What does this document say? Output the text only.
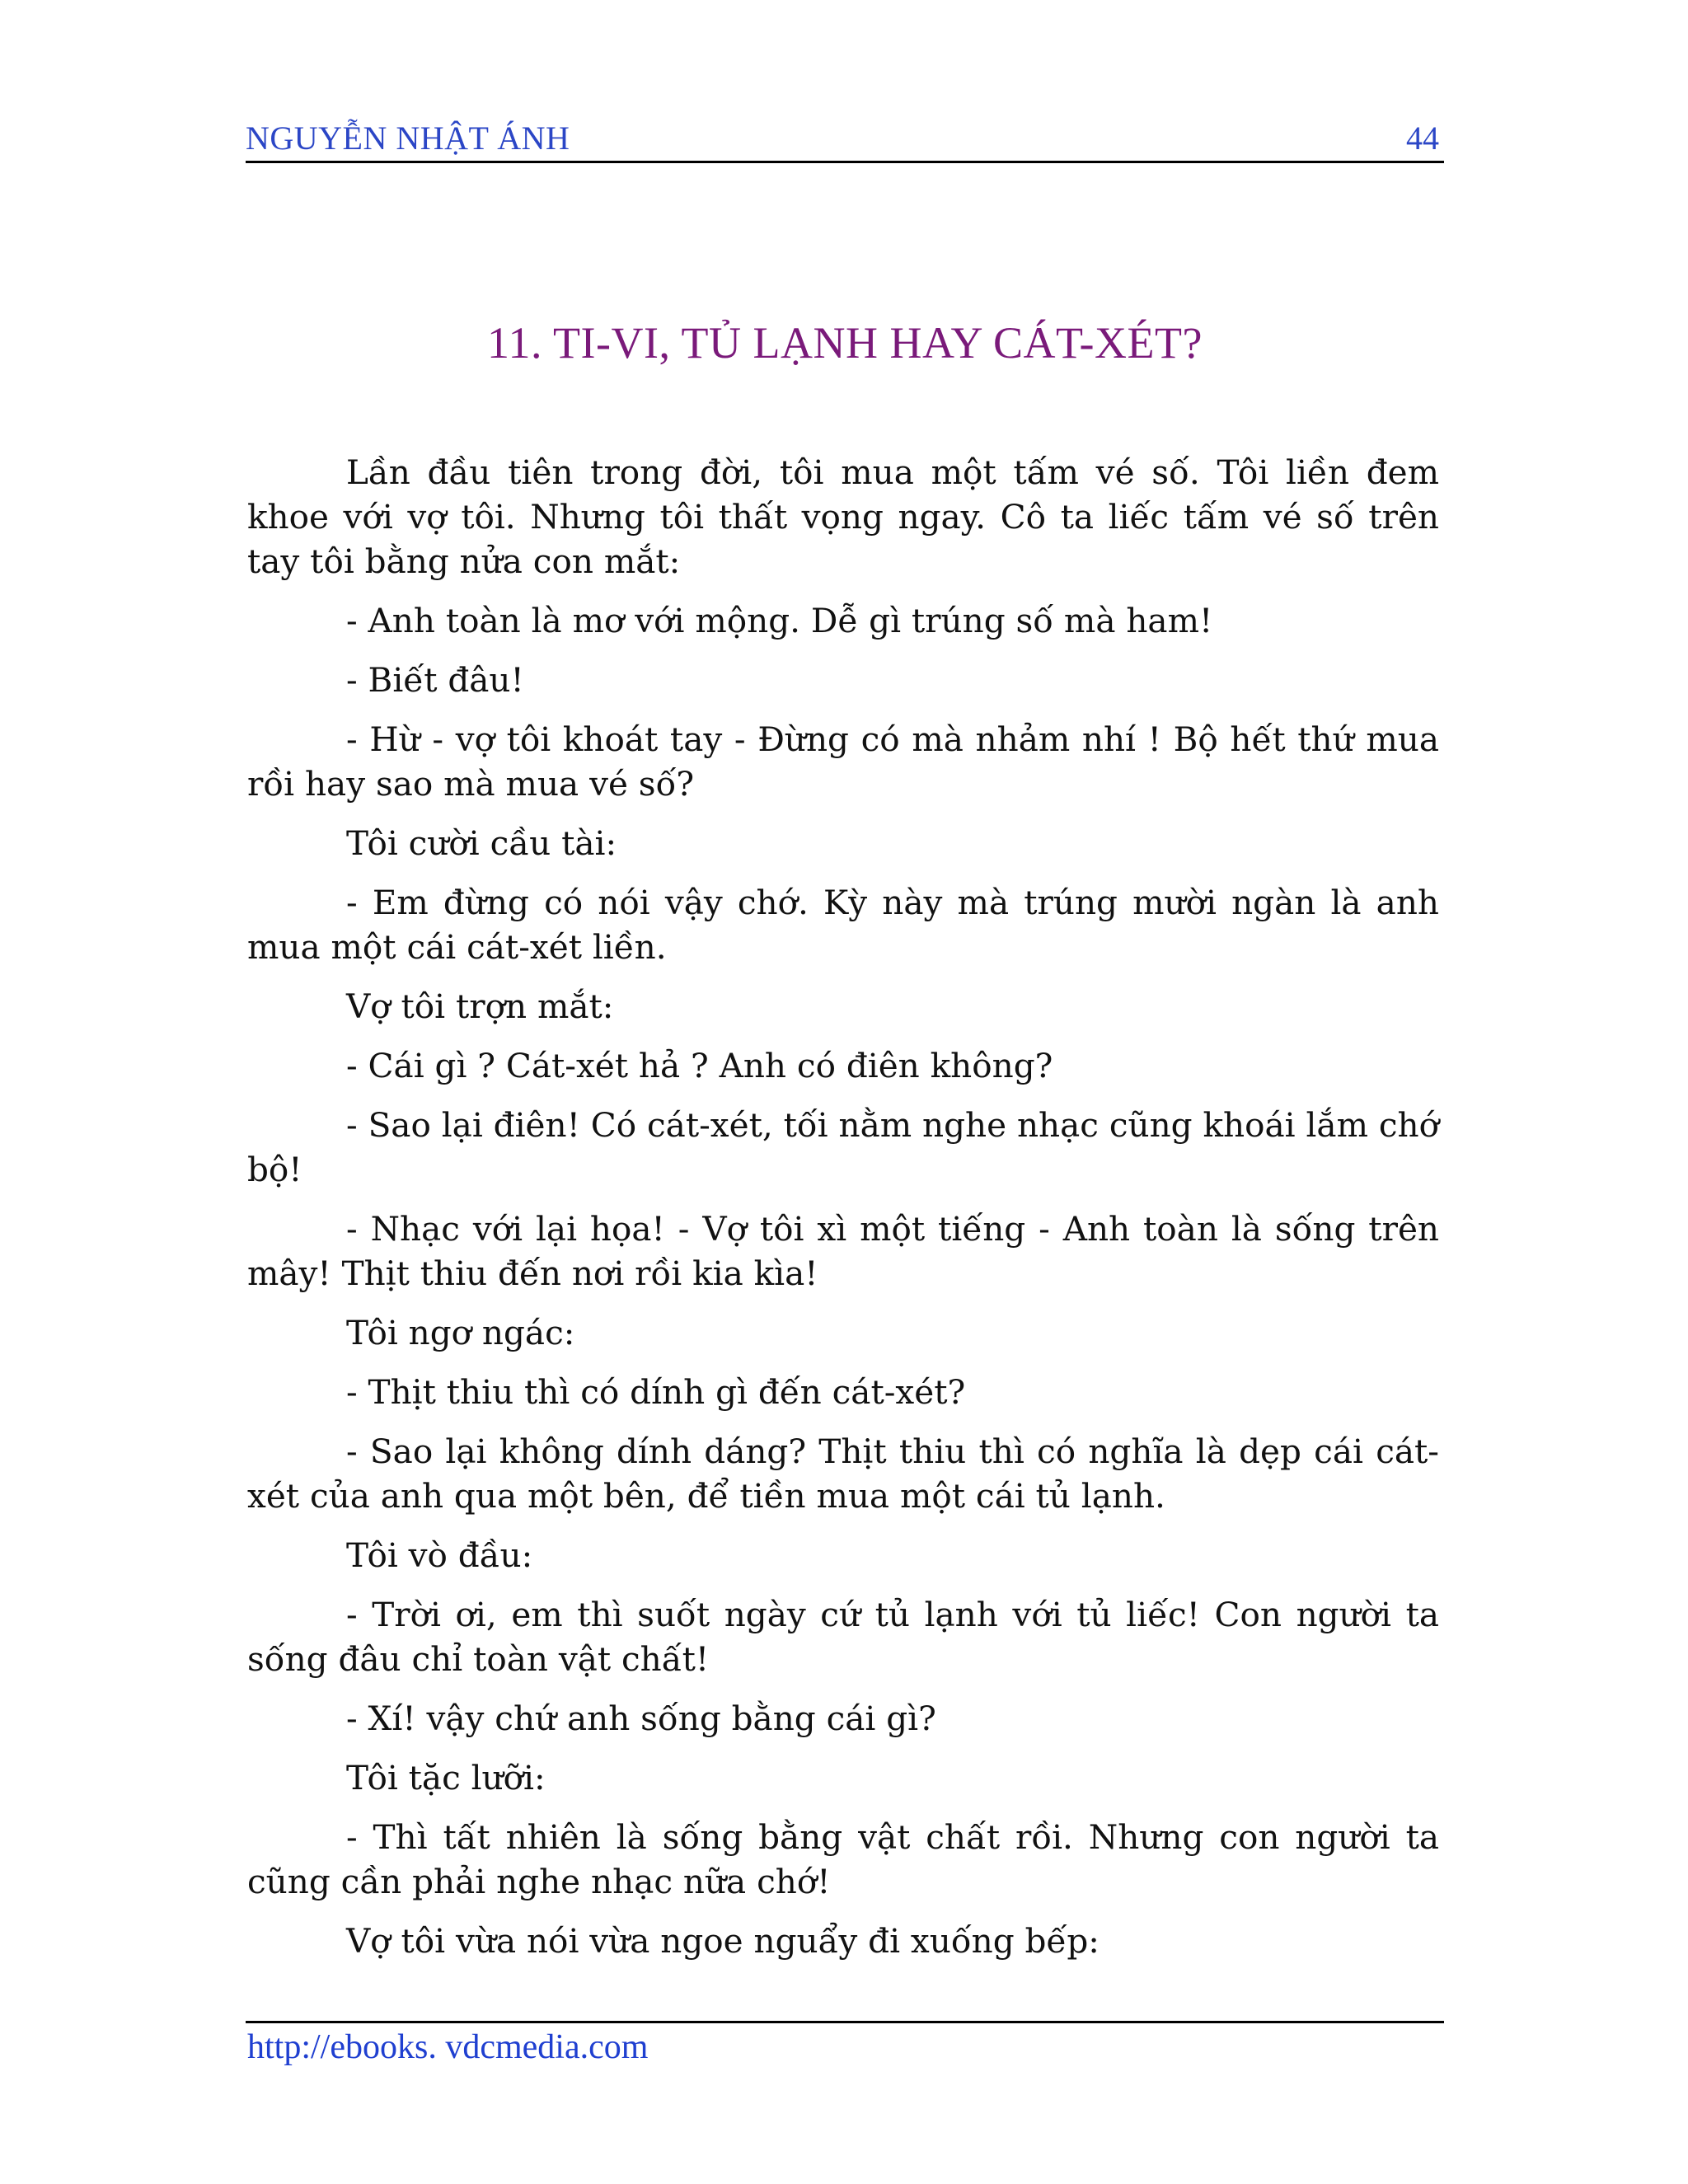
NGUYỄN NHẬT ÁNH	44
11. TI-VI, TỦ LẠNH HAY CÁT-XÉT?

Lần đầu tiên trong đời, tôi mua một tấm vé số. Tôi liền đem khoe với vợ tôi. Nhưng tôi thất vọng ngay. Cô ta liếc tấm vé số trên tay tôi bằng nửa con mắt:

- Anh toàn là mơ với mộng. Dễ gì trúng số mà ham!

- Biết đâu!

- Hừ - vợ tôi khoát tay - Đừng có mà nhảm nhí ! Bộ hết thứ mua rồi hay sao mà mua vé số?

Tôi cười cầu tài:

- Em đừng có nói vậy chớ. Kỳ này mà trúng mười ngàn là anh mua một cái cát-xét liền.

Vợ tôi trợn mắt:

- Cái gì ? Cát-xét hả ? Anh có điên không?

- Sao lại điên! Có cát-xét, tối nằm nghe nhạc cũng khoái lắm chớ bộ!

- Nhạc với lại họa! - Vợ tôi xì một tiếng - Anh toàn là sống trên mây! Thịt thiu đến nơi rồi kia kìa!

Tôi ngơ ngác:

- Thịt thiu thì có dính gì đến cát-xét?

- Sao lại không dính dáng? Thịt thiu thì có nghĩa là dẹp cái cát-xét của anh qua một bên, để tiền mua một cái tủ lạnh.

Tôi vò đầu:

- Trời ơi, em thì suốt ngày cứ tủ lạnh với tủ liếc! Con người ta sống đâu chỉ toàn vật chất!

- Xí! vậy chứ anh sống bằng cái gì?

Tôi tặc lưỡi:

- Thì tất nhiên là sống bằng vật chất rồi. Nhưng con người ta cũng cần phải nghe nhạc nữa chớ!

Vợ tôi vừa nói vừa ngoe nguẩy đi xuống bếp:

http://ebooks. vdcmedia.com
